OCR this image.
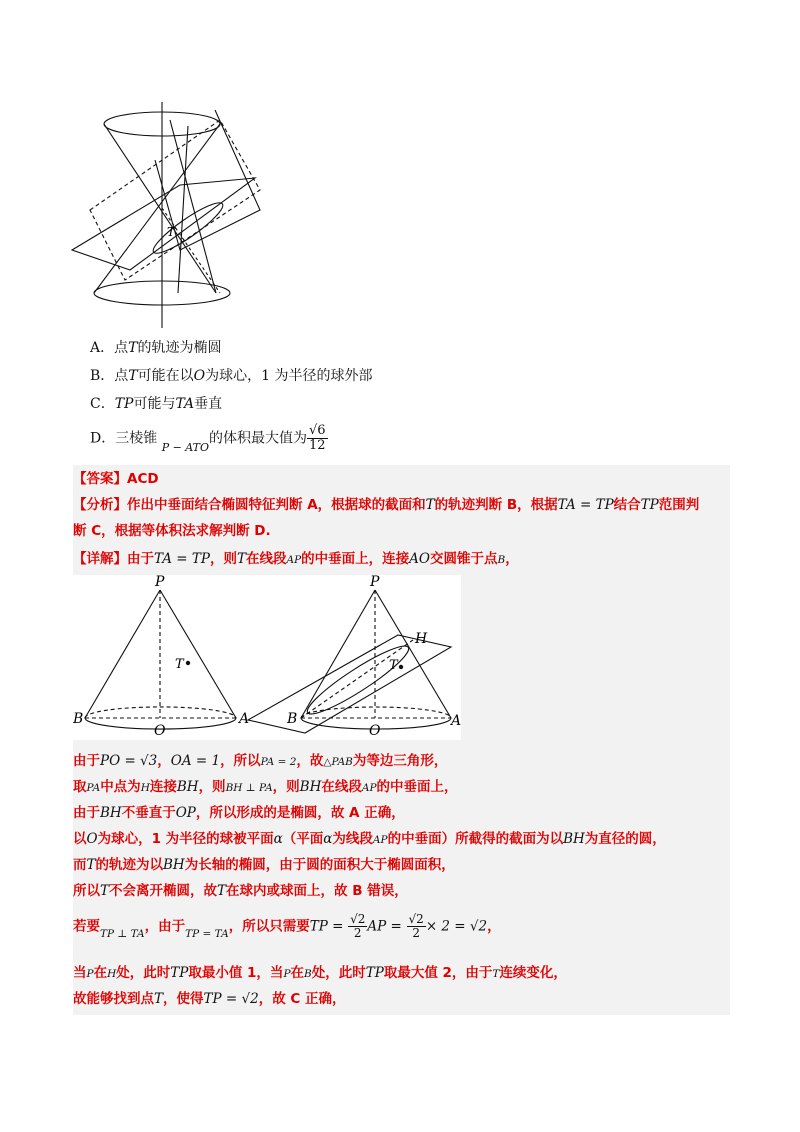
T
A．点T的轨迹为椭圆
B．点T可能在以O为球心，1 为半径的球外部
C．TP可能与TA垂直
D．三棱锥 $_{P - ATO}$的体积最大值为 $\frac{√6}{12}$
【答案】ACD
【分析】作出中垂面结合椭圆特征判断 A，根据球的截面和T的轨迹判断 B，根据TA = TP结合TP范围判
断 C，根据等体积法求解判断 D.
【详解】由于TA = TP，则T在线段AP的中垂面上，连接AO交圆锥于点B，
由于PO = √3，OA = 1，所以PA = 2，故△PAB为等边三角形，
取PA中点为H连接BH，则BH ⊥ PA，则BH在线段AP的中垂面上，
由于BH不垂直于OP，所以形成的是椭圆，故 A 正确，
以O为球心，1 为半径的球被平面α（平面α为线段AP的中垂面）所截得的截面为以BH为直径的圆，
而T的轨迹为以BH为长轴的椭圆，由于圆的面积大于椭圆面积，
所以T不会离开椭圆，故T在球内或球面上，故 B 错误，
若要$_{TP \perp TA}$，由于$_{TP = TA}$，所以只需要TP = $\frac{√2}{2}$ AP = $\frac{√2}{2} \times 2 = √2$，
当P在H处，此时TP取最小值 1，当P在B处，此时TP取最大值 2，由于T连续变化，
故能够找到点T，使得TP = √2，故 C 正确，
P
T
B
O
A
P
H
T
B
O
A
